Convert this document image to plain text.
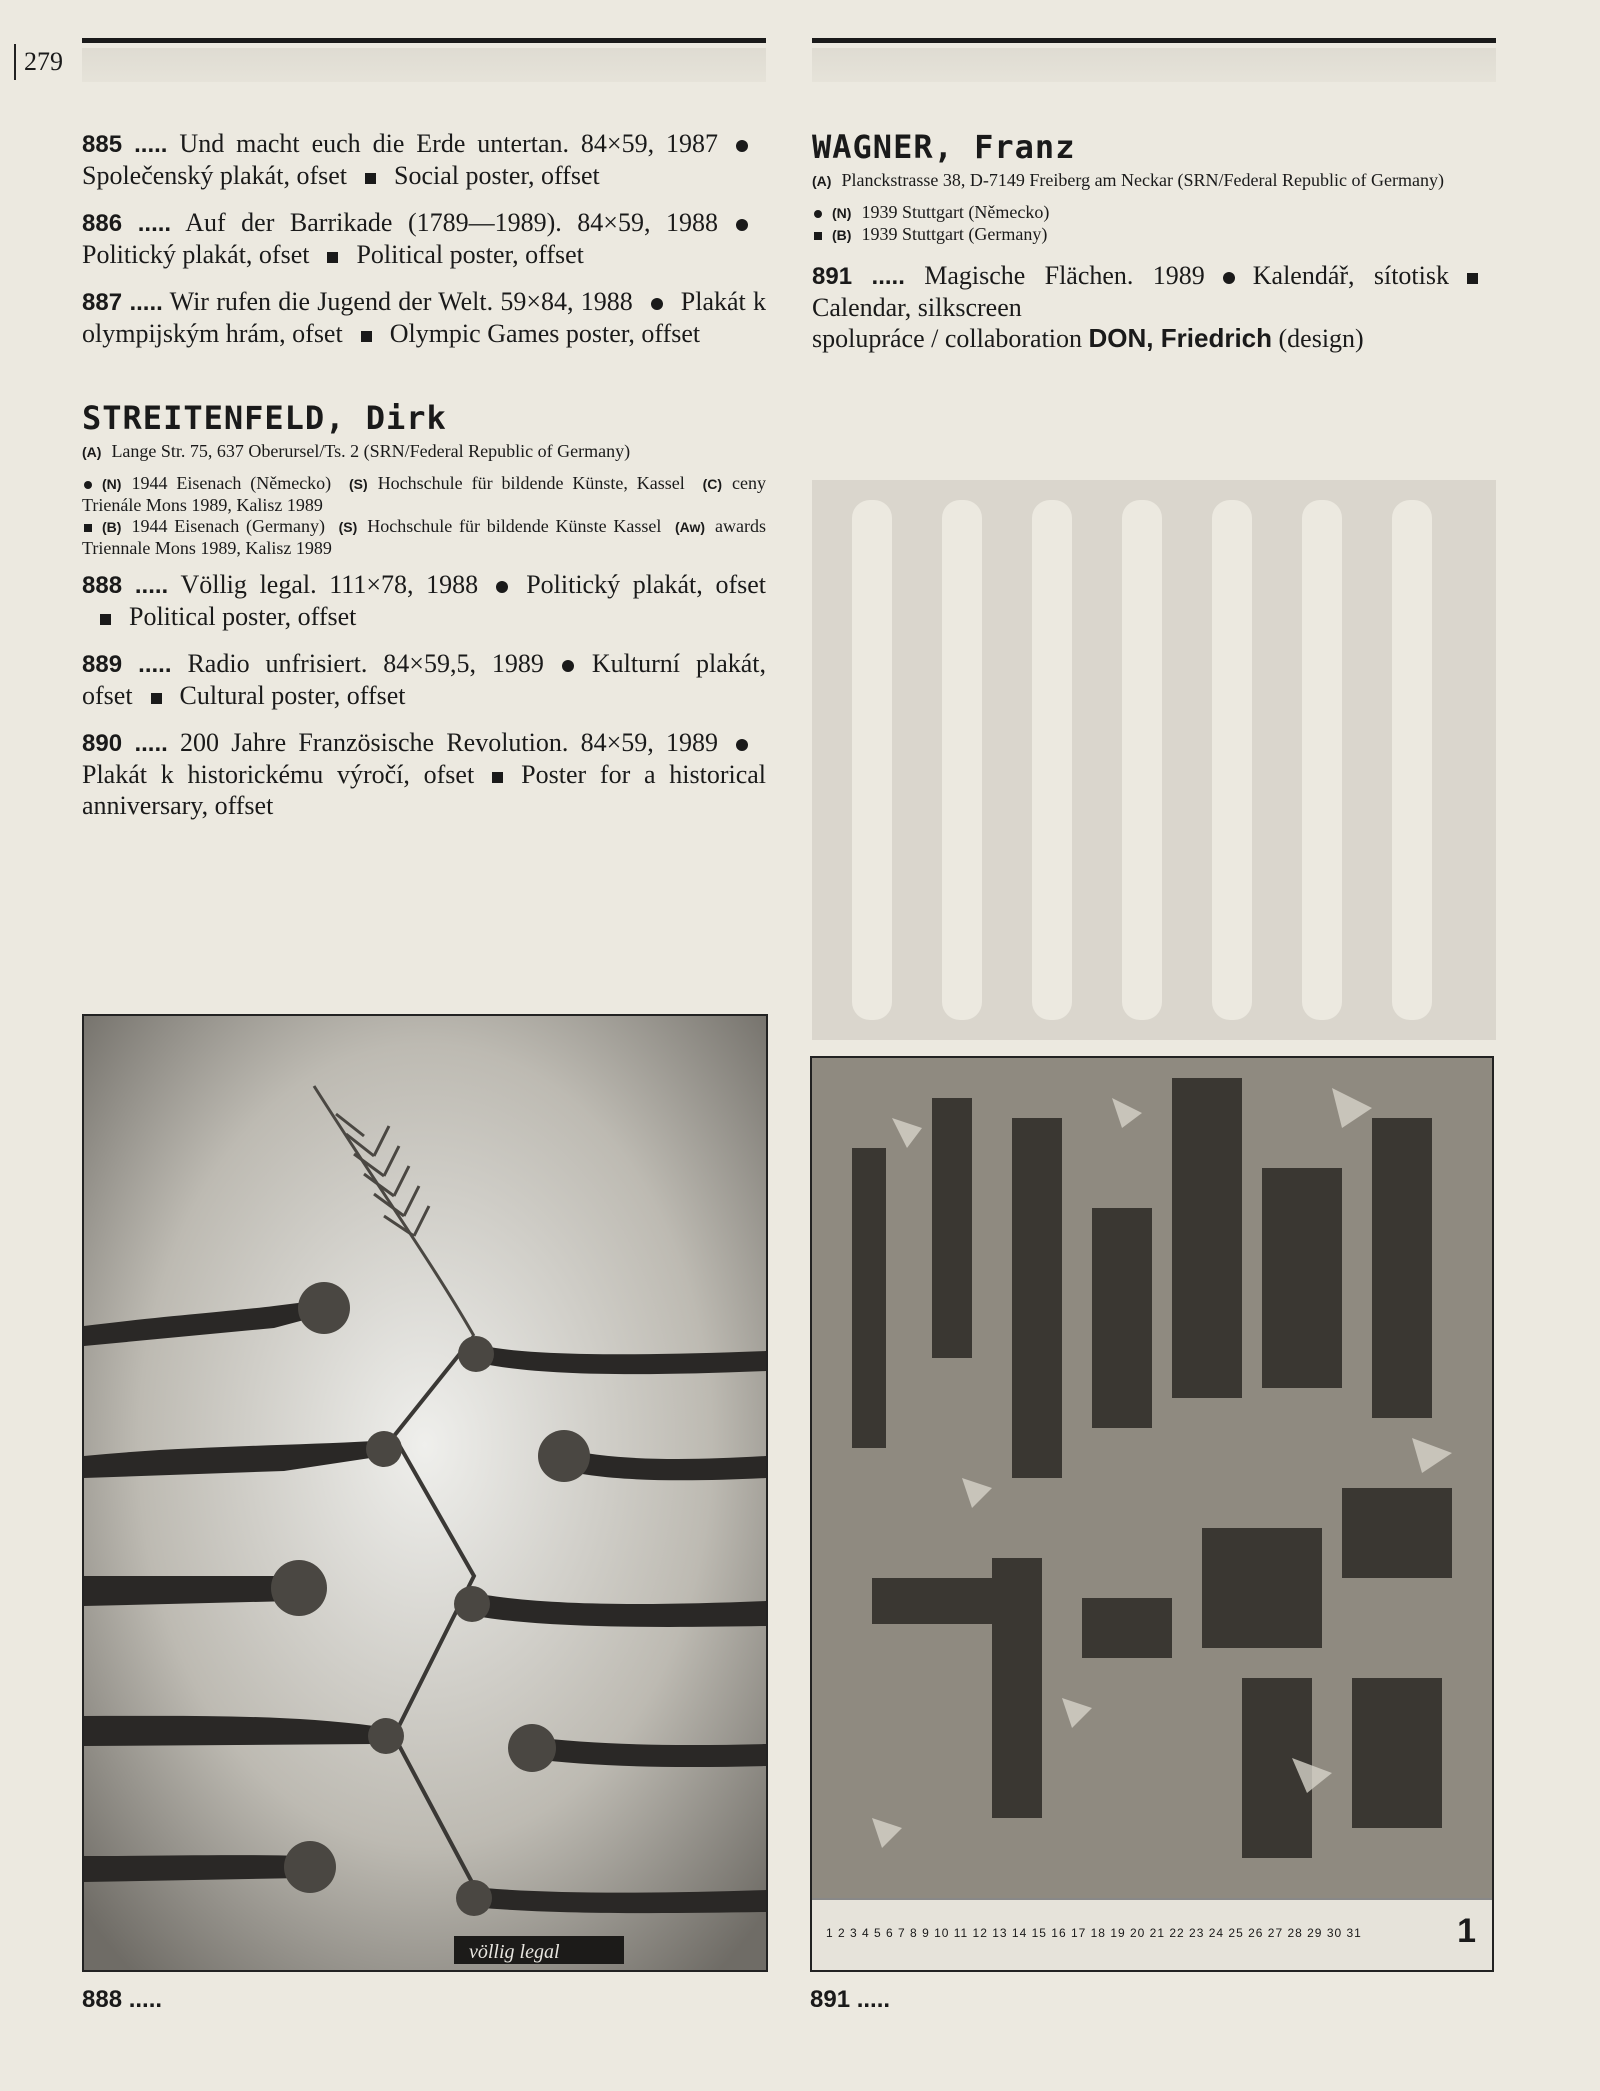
279

885 ..... Und macht euch die Erde untertan. 84×59, 1987Společenský plakát, ofset Social poster, offset

886 ..... Auf der Barrikade (1789—1989). 84×59, 1988Politický plakát, ofset Political poster, offset

887 ..... Wir rufen die Jugend der Welt. 59×84, 1988 Plakát k olympijským hrám, ofset Olympic Games poster, offset

STREITENFELD, Dirk

(A) Lange Str. 75, 637 Oberursel/Ts. 2 (SRN/Federal Republic of Germany)

(N) 1944 Eisenach (Německo) (S) Hochschule für bildende Künste, Kassel (C) ceny Trienále Mons 1989, Kalisz 1989
(B) 1944 Eisenach (Germany) (S) Hochschule für bildende Künste Kassel (Aw) awards Triennale Mons 1989, Kalisz 1989

888 ..... Völlig legal. 111×78, 1988 Politický plakát, ofsetPolitical poster, offset

889 ..... Radio unfrisiert. 84×59,5, 1989 Kulturní plakát, ofset Cultural poster, offset

890 ..... 200 Jahre Französische Revolution. 84×59, 1989Plakát k historickému výročí, ofset Poster for a historical anniversary, offset

WAGNER, Franz

(A) Planckstrasse 38, D-7149 Freiberg am Neckar (SRN/Federal Republic of Germany)

(N) 1939 Stuttgart (Německo)
(B) 1939 Stuttgart (Germany)

891 ..... Magische Flächen. 1989 Kalendář, sítotiskCalendar, silkscreen
spolupráce / collaboration DON, Friedrich (design)

völlig legal
1 2 3 4 5 6 7 8 9 10 11 12 13 14 15 16 17 18 19 20 21 22 23 24 25 26 27 28 29 30 31	1
888 .....	891 .....
